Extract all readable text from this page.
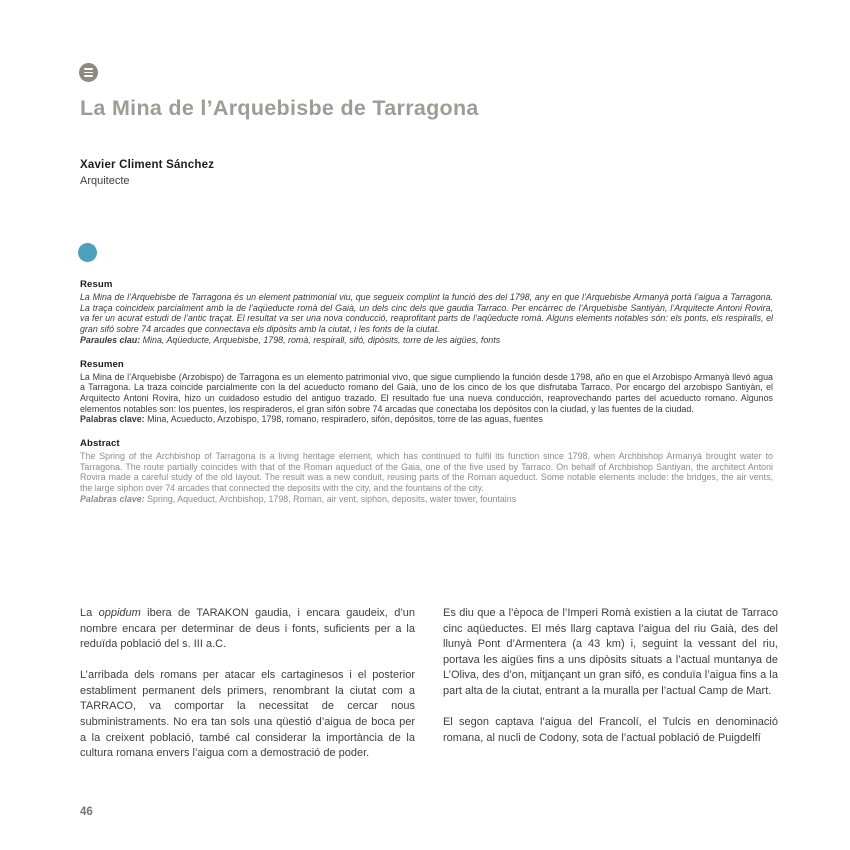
La Mina de l’Arquebisbe de Tarragona
Xavier Climent Sánchez
Arquitecte
Resum
La Mina de l’Arquebisbe de Tarragona és un element patrimonial viu, que segueix complint la funció des del 1798, any en que l’Arquebisbe Armanyà portà l’aigua a Tarragona. La traça coincideix parcialment amb la de l’aqüeducte romà del Gaià, un dels cinc dels que gaudia Tarraco. Per encàrrec de l’Arquebisbe Santiyàn, l’Arquitecte Antoni Rovira, va fer un acurat estudi de l’antic traçat. El resultat va ser una nova conducció, reaprofitant parts de l’aqüeducte romà. Alguns elements notables són: els ponts, els respiralls, el gran sifó sobre 74 arcades que connectava els dipòsits amb la ciutat, i les fonts de la ciutat.
Paraules clau: Mina, Aqüeducte, Arquebisbe, 1798, romà, respirall, sifó, dipòsits, torre de les aigües, fonts
Resumen
La Mina de l’Arquebisbe (Arzobispo) de Tarragona es un elemento patrimonial vivo, que sigue cumpliendo la función desde 1798, año en que el Arzobispo Armanyà llevó agua a Tarragona. La traza coincide parcialmente con la del acueducto romano del Gaià, uno de los cinco de los que disfrutaba Tarraco. Por encargo del arzobispo Santiyàn, el Arquitecto Antoni Rovira, hizo un cuidadoso estudio del antiguo trazado. El resultado fue una nueva conducción, reaprovechando partes del acueducto romano. Algunos elementos notables son: los puentes, los respiraderos, el gran sifón sobre 74 arcadas que conectaba los depósitos con la ciudad, y las fuentes de la ciudad.
Palabras clave: Mina, Acueducto, Arzobispo, 1798, romano, respiradero, sifón, depósitos, torre de las aguas, fuentes
Abstract
The Spring of the Archbishop of Tarragona is a living heritage element, which has continued to fulfil its function since 1798, when Archbishop Armanyà brought water to Tarragona. The route partially coincides with that of the Roman aqueduct of the Gaia, one of the five used by Tarraco. On behalf of Archbishop Santiyan, the architect Antoni Rovira made a careful study of the old layout. The result was a new conduit, reusing parts of the Roman aqueduct. Some notable elements include: the bridges, the air vents, the large siphon over 74 arcades that connected the deposits with the city, and the fountains of the city.
Palabras clave: Spring, Aqueduct, Archbishop, 1798, Roman, air vent, siphon, deposits, water tower, fountains

La oppidum ibera de TARAKON gaudia, i encara gaudeix, d’un nombre encara per determinar de deus i fonts, suficients per a la reduïda població del s. III a.C.

L’arribada dels romans per atacar els cartaginesos i el posterior establiment permanent dels primers, renombrant la ciutat com a TARRACO, va comportar la necessitat de cercar nous subministraments. No era tan sols una qüestió d’aigua de boca per a la creixent població, també cal considerar la importància de la cultura romana envers l’aigua com a demostració de poder.

Es diu que a l’època de l’Imperi Romà existien a la ciutat de Tarraco cinc aqüeductes. El més llarg captava l’aigua del riu Gaià, des del llunyà Pont d’Armentera (a 43 km) i, seguint la vessant del riu, portava les aigües fins a uns dipòsits situats a l’actual muntanya de L’Oliva, des d’on, mitjançant un gran sifó, es conduïa l’aigua fins a la part alta de la ciutat, entrant a la muralla per l’actual Camp de Mart.

El segon captava l’aigua del Francolí, el Tulcis en denominació romana, al nucli de Codony, sota de l’actual població de Puigdelfí

46
